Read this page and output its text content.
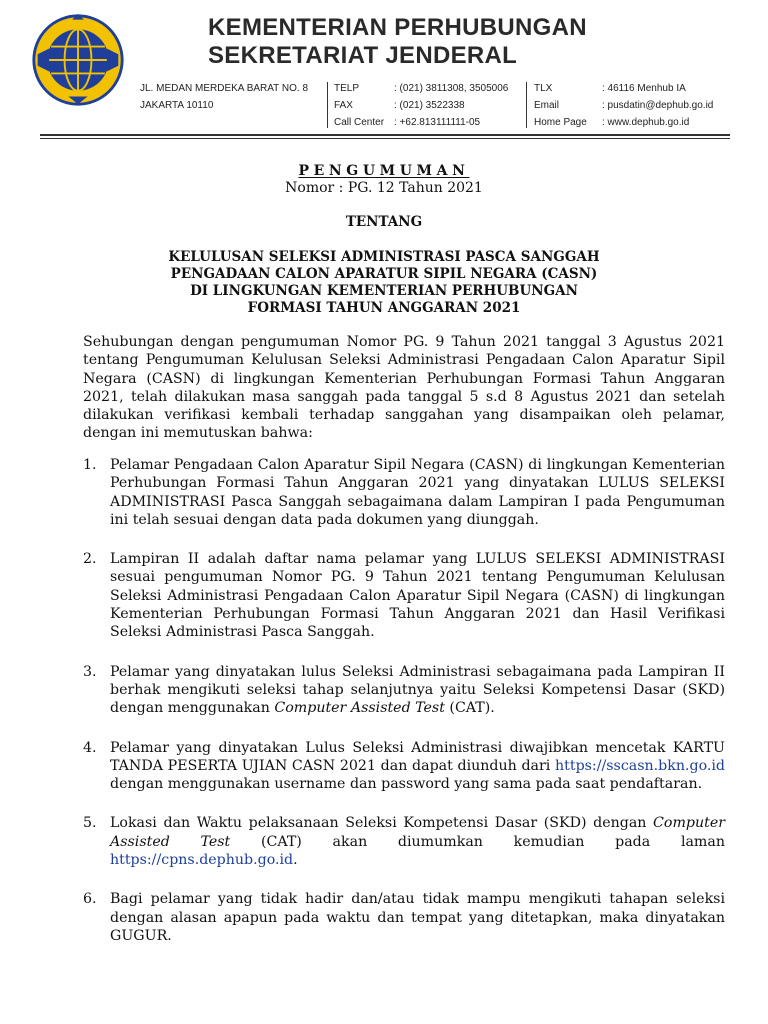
KEMENTERIAN PERHUBUNGAN
SEKRETARIAT JENDERAL
JL. MEDAN MERDEKA BARAT NO. 8
JAKARTA 10110
TELP	: (021) 3811308, 3505006
FAX	: (021) 3522338
Call Center : +62.813111111-05
TLX	: 46116 Menhub IA
Email	: pusdatin@dephub.go.id
Home Page	: www.dephub.go.id
PENGUMUMAN
Nomor : PG. 12 Tahun 2021
TENTANG
KELULUSAN SELEKSI ADMINISTRASI PASCA SANGGAH
PENGADAAN CALON APARATUR SIPIL NEGARA (CASN)
DI LINGKUNGAN KEMENTERIAN PERHUBUNGAN
FORMASI TAHUN ANGGARAN 2021
Sehubungan dengan pengumuman Nomor PG. 9 Tahun 2021 tanggal 3 Agustus 2021 tentang Pengumuman Kelulusan Seleksi Administrasi Pengadaan Calon Aparatur Sipil Negara (CASN) di lingkungan Kementerian Perhubungan Formasi Tahun Anggaran 2021, telah dilakukan masa sanggah pada tanggal 5 s.d 8 Agustus 2021 dan setelah dilakukan verifikasi kembali terhadap sanggahan yang disampaikan oleh pelamar, dengan ini memutuskan bahwa:
1. Pelamar Pengadaan Calon Aparatur Sipil Negara (CASN) di lingkungan Kementerian Perhubungan Formasi Tahun Anggaran 2021 yang dinyatakan LULUS SELEKSI ADMINISTRASI Pasca Sanggah sebagaimana dalam Lampiran I pada Pengumuman ini telah sesuai dengan data pada dokumen yang diunggah.
2. Lampiran II adalah daftar nama pelamar yang LULUS SELEKSI ADMINISTRASI sesuai pengumuman Nomor PG. 9 Tahun 2021 tentang Pengumuman Kelulusan Seleksi Administrasi Pengadaan Calon Aparatur Sipil Negara (CASN) di lingkungan Kementerian Perhubungan Formasi Tahun Anggaran 2021 dan Hasil Verifikasi Seleksi Administrasi Pasca Sanggah.
3. Pelamar yang dinyatakan lulus Seleksi Administrasi sebagaimana pada Lampiran II berhak mengikuti seleksi tahap selanjutnya yaitu Seleksi Kompetensi Dasar (SKD) dengan menggunakan Computer Assisted Test (CAT).
4. Pelamar yang dinyatakan Lulus Seleksi Administrasi diwajibkan mencetak KARTU TANDA PESERTA UJIAN CASN 2021 dan dapat diunduh dari https://sscasn.bkn.go.id dengan menggunakan username dan password yang sama pada saat pendaftaran.
5. Lokasi dan Waktu pelaksanaan Seleksi Kompetensi Dasar (SKD) dengan Computer Assisted Test (CAT) akan diumumkan kemudian pada laman https://cpns.dephub.go.id.
6. Bagi pelamar yang tidak hadir dan/atau tidak mampu mengikuti tahapan seleksi dengan alasan apapun pada waktu dan tempat yang ditetapkan, maka dinyatakan GUGUR.
